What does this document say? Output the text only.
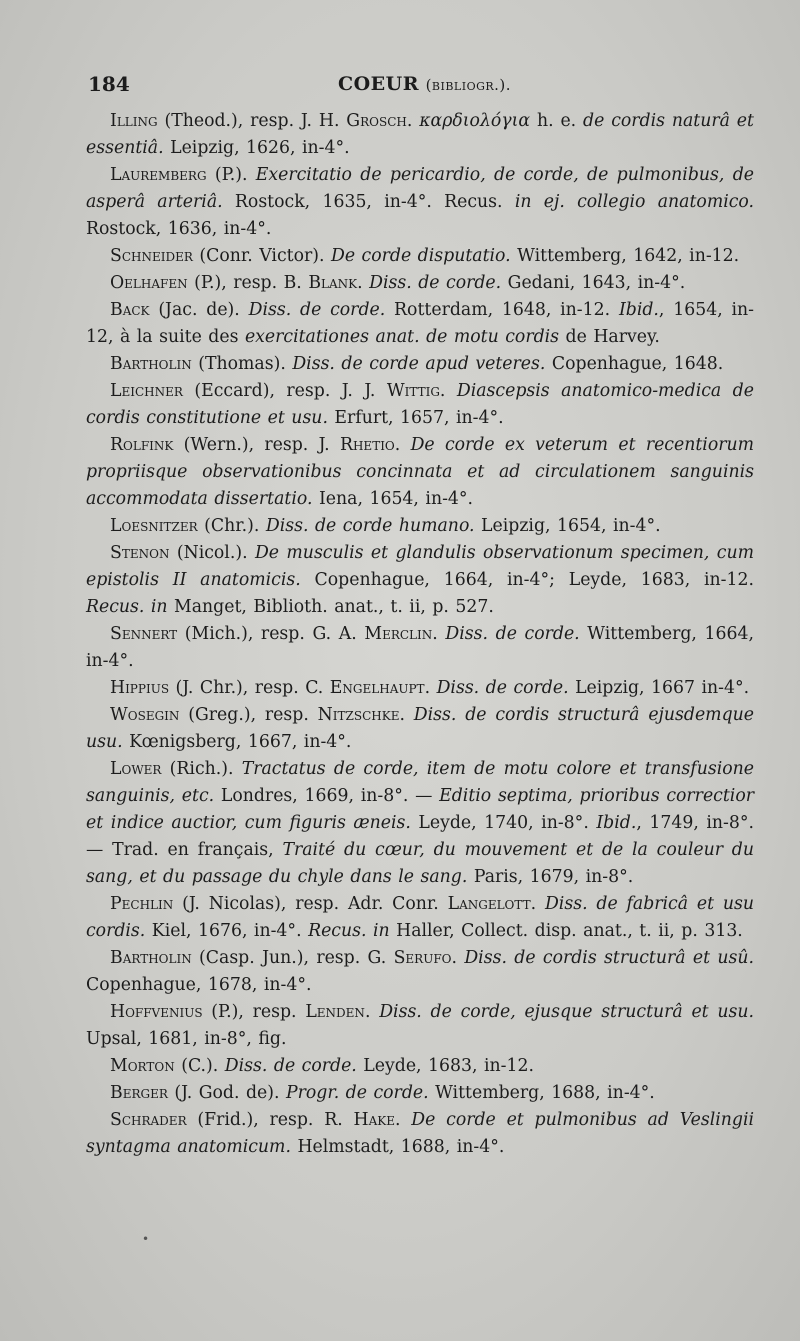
184	COEUR (bibliogr.).

Illing (Theod.), resp. J. H. Grosch. καρδιολόγια h. e. de cordis naturâ et essentiâ. Leipzig, 1626, in-4°.

Lauremberg (P.). Exercitatio de pericardio, de corde, de pulmonibus, de asperâ arteriâ. Rostock, 1635, in-4°. Recus. in ej. collegio anatomico. Rostock, 1636, in-4°.

Schneider (Conr. Victor). De corde disputatio. Wittemberg, 1642, in-12.

Oelhafen (P.), resp. B. Blank. Diss. de corde. Gedani, 1643, in-4°.

Back (Jac. de). Diss. de corde. Rotterdam, 1648, in-12. Ibid., 1654, in-12, à la suite des exercitationes anat. de motu cordis de Harvey.

Bartholin (Thomas). Diss. de corde apud veteres. Copenhague, 1648.

Leichner (Eccard), resp. J. J. Wittig. Diascepsis anatomico-medica de cordis constitutione et usu. Erfurt, 1657, in-4°.

Rolfink (Wern.), resp. J. Rhetio. De corde ex veterum et recentiorum propriisque observationibus concinnata et ad circulationem sanguinis accommodata dissertatio. Iena, 1654, in-4°.

Loesnitzer (Chr.). Diss. de corde humano. Leipzig, 1654, in-4°.

Stenon (Nicol.). De musculis et glandulis observationum specimen, cum epistolis II anatomicis. Copenhague, 1664, in-4°; Leyde, 1683, in-12. Recus. in Manget, Biblioth. anat., t. ii, p. 527.

Sennert (Mich.), resp. G. A. Merclin. Diss. de corde. Wittemberg, 1664, in-4°.

Hippius (J. Chr.), resp. C. Engelhaupt. Diss. de corde. Leipzig, 1667 in-4°.

Wosegin (Greg.), resp. Nitzschke. Diss. de cordis structurâ ejusdemque usu. Kœnigsberg, 1667, in-4°.

Lower (Rich.). Tractatus de corde, item de motu colore et transfusione sanguinis, etc. Londres, 1669, in-8°. — Editio septima, prioribus correctior et indice auctior, cum figuris æneis. Leyde, 1740, in-8°. Ibid., 1749, in-8°. — Trad. en français, Traité du cœur, du mouvement et de la couleur du sang, et du passage du chyle dans le sang. Paris, 1679, in-8°.

Pechlin (J. Nicolas), resp. Adr. Conr. Langelott. Diss. de fabricâ et usu cordis. Kiel, 1676, in-4°. Recus. in Haller, Collect. disp. anat., t. ii, p. 313.

Bartholin (Casp. Jun.), resp. G. Serufo. Diss. de cordis structurâ et usû. Copenhague, 1678, in-4°.

Hoffvenius (P.), resp. Lenden. Diss. de corde, ejusque structurâ et usu. Upsal, 1681, in-8°, fig.

Morton (C.). Diss. de corde. Leyde, 1683, in-12.

Berger (J. God. de). Progr. de corde. Wittemberg, 1688, in-4°.

Schrader (Frid.), resp. R. Hake. De corde et pulmonibus ad Veslingii syntagma anatomicum. Helmstadt, 1688, in-4°.

•
